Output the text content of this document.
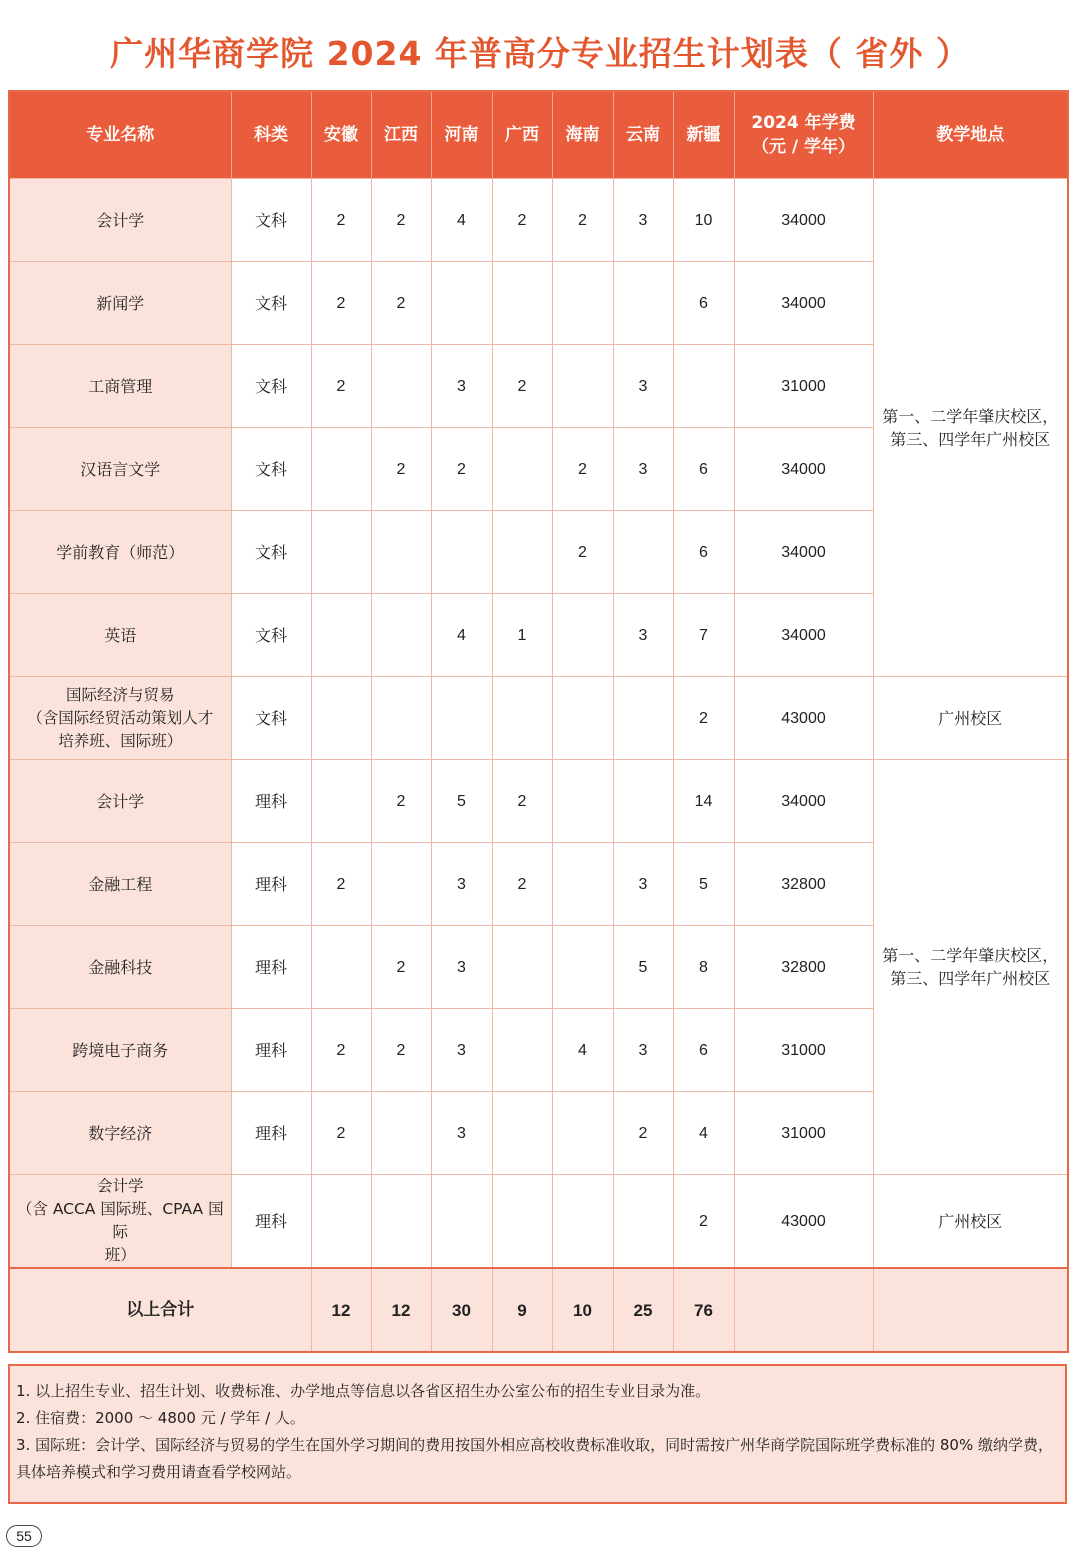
广州华商学院 2024 年普高分专业招生计划表（ 省外 ）
专业名称	科类	安徽	江西	河南	广西	海南	云南	新疆	2024 年学费
（元 / 学年）	教学地点

会计学	文科	2	2	4	2	2	3	10	34000	第一、二学年肇庆校区，
第三、四学年广州校区

新闻学	文科	2	2					6	34000	

工商管理	文科	2		3	2		3		31000	

汉语言文学	文科		2	2		2	3	6	34000	

学前教育（师范）	文科					2		6	34000	

英语	文科			4	1		3	7	34000	

国际经济与贸易
（含国际经贸活动策划人才
培养班、国际班）	文科							2	43000	广州校区

会计学	理科		2	5	2			14	34000	第一、二学年肇庆校区，
第三、四学年广州校区

金融工程	理科	2		3	2		3	5	32800	

金融科技	理科		2	3			5	8	32800	

跨境电子商务	理科	2	2	3		4	3	6	31000	

数字经济	理科	2		3			2	4	31000	

会计学
（含 ACCA 国际班、CPAA 国际
班）	理科							2	43000	广州校区

以上合计		12	12	30	9	10	25	76		

1. 以上招生专业、招生计划、收费标准、办学地点等信息以各省区招生办公室公布的招生专业目录为准。

2. 住宿费：2000 ～ 4800 元 / 学年 / 人。

3. 国际班：会计学、国际经济与贸易的学生在国外学习期间的费用按国外相应高校收费标准收取，同时需按广州华商学院国际班学费标准的 80% 缴纳学费，具体培养模式和学习费用请查看学校网站。

55
